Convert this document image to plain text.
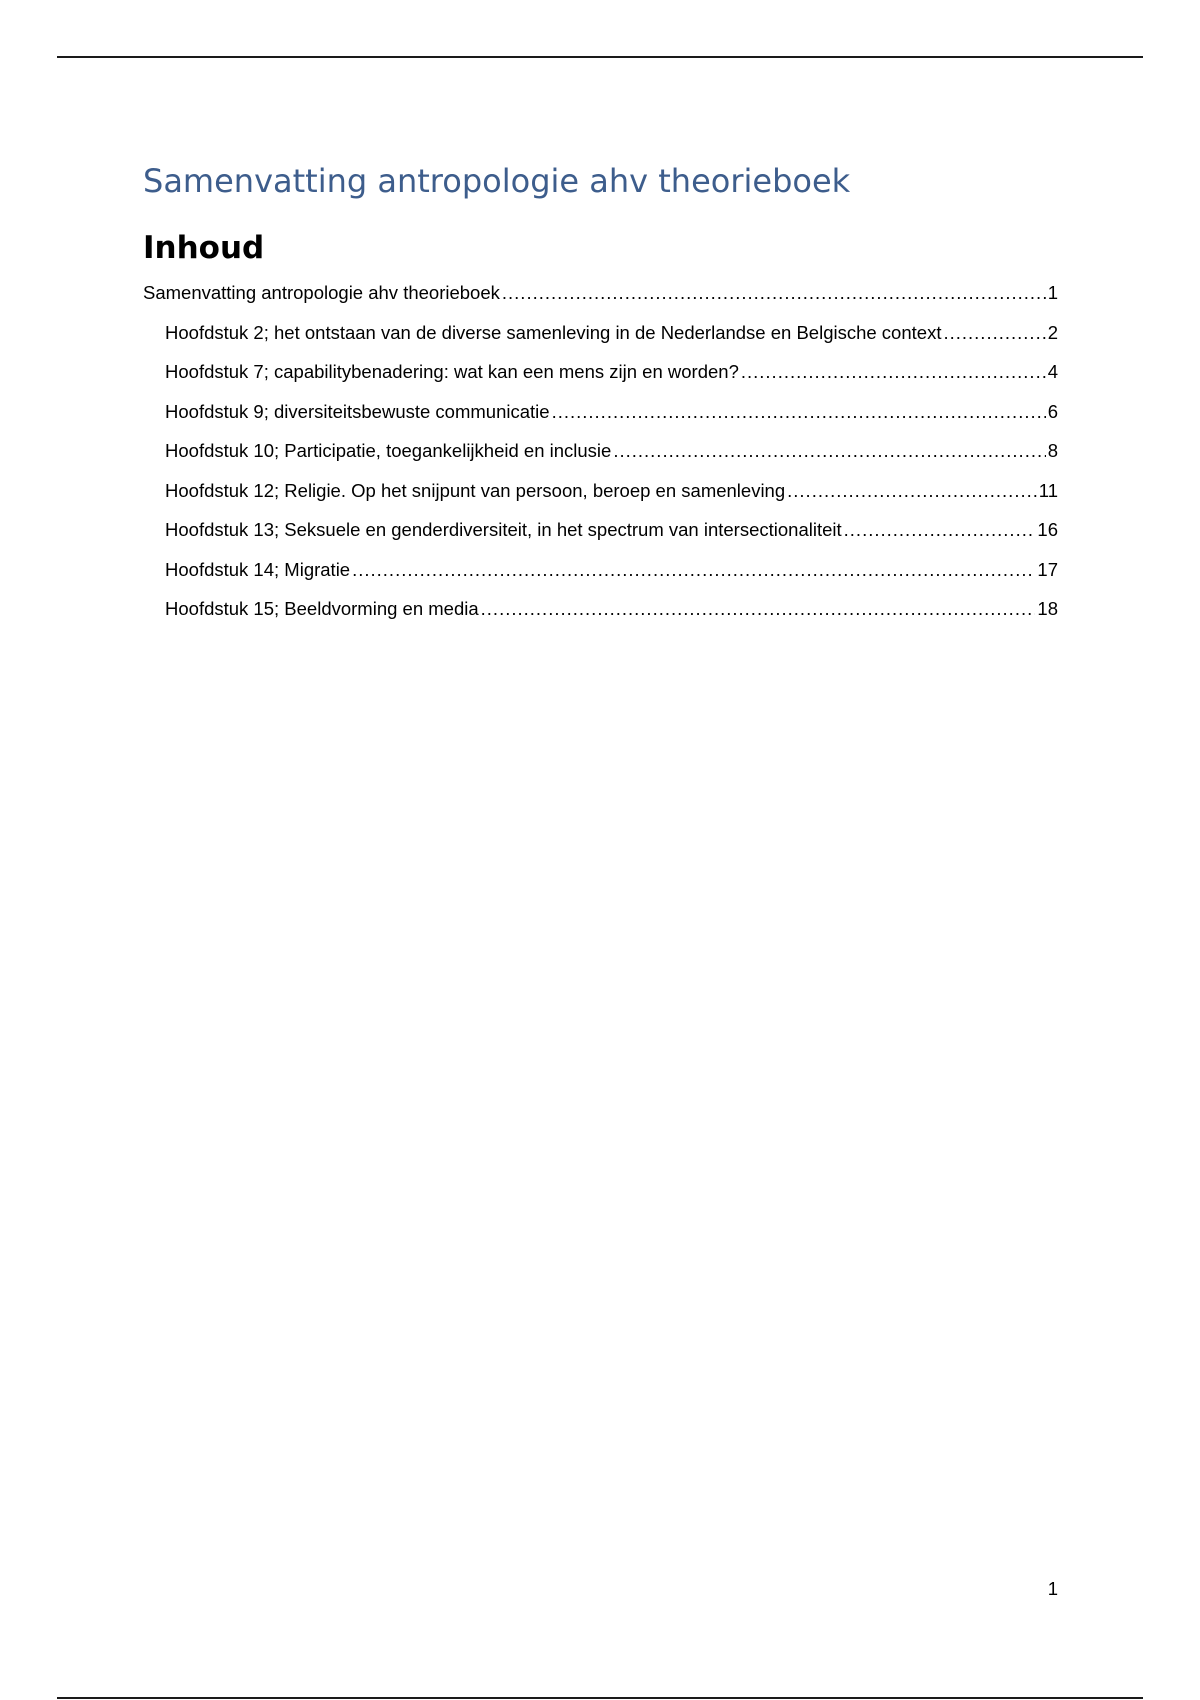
Samenvatting antropologie ahv theorieboek
Inhoud
Samenvatting antropologie ahv theorieboek .....	1
Hoofdstuk 2; het ontstaan van de diverse samenleving in de Nederlandse en Belgische context .....	2
Hoofdstuk 7; capabilitybenadering: wat kan een mens zijn en worden? .....	4
Hoofdstuk 9; diversiteitsbewuste communicatie .....	6
Hoofdstuk 10; Participatie, toegankelijkheid en inclusie .....	8
Hoofdstuk 12; Religie. Op het snijpunt van persoon, beroep en samenleving .....	11
Hoofdstuk 13; Seksuele en genderdiversiteit, in het spectrum van intersectionaliteit .....	16
Hoofdstuk 14; Migratie .....	17
Hoofdstuk 15; Beeldvorming en media .....	18
1
